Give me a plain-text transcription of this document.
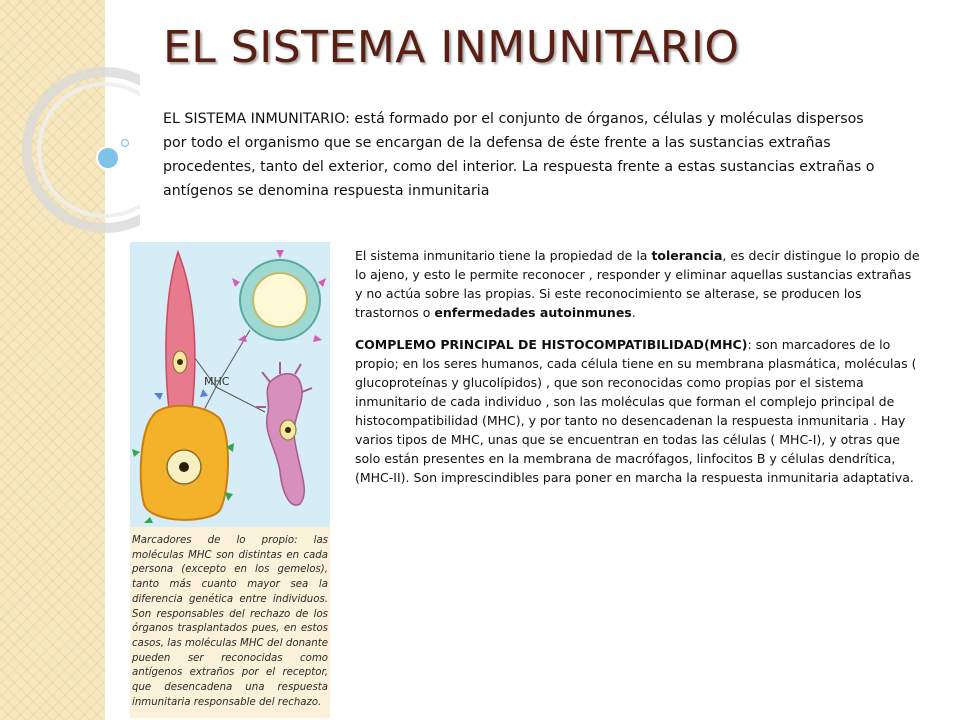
EL SISTEMA INMUNITARIO
EL SISTEMA INMUNITARIO: está formado por el conjunto de órganos, células y moléculas dispersos por todo el organismo que se encargan de la defensa de éste frente a las sustancias extrañas procedentes, tanto del exterior, como del interior. La respuesta frente a estas sustancias extrañas o antígenos se denomina respuesta inmunitaria
MHC
Marcadores de lo propio: las moléculas MHC son distintas en cada persona (excepto en los gemelos), tanto más cuanto mayor sea la diferencia genética entre individuos. Son responsables del rechazo de los órganos trasplantados pues, en estos casos, las moléculas MHC del donante pueden ser reconocidas como antígenos extraños por el receptor, que desencadena una respuesta inmunitaria responsable del rechazo.

El sistema inmunitario tiene la propiedad de la tolerancia, es decir distingue lo propio de lo ajeno, y esto le permite reconocer , responder y eliminar aquellas sustancias extrañas y no actúa sobre las propias. Si este reconocimiento se alterase, se producen los trastornos o enfermedades autoinmunes.

COMPLEMO PRINCIPAL DE HISTOCOMPATIBILIDAD(MHC): son marcadores de lo propio; en los seres humanos, cada célula tiene en su membrana plasmática, moléculas ( glucoproteínas y glucolípidos) , que son reconocidas como propias por el sistema inmunitario de cada individuo , son las moléculas que forman el complejo principal de histocompatibilidad (MHC), y por tanto no desencadenan la respuesta inmunitaria . Hay varios tipos de MHC, unas que se encuentran en todas las células ( MHC-I), y otras que solo están presentes en la membrana de macrófagos, linfocitos B y células dendrítica, (MHC-II). Son imprescindibles para poner en marcha la respuesta inmunitaria adaptativa.
